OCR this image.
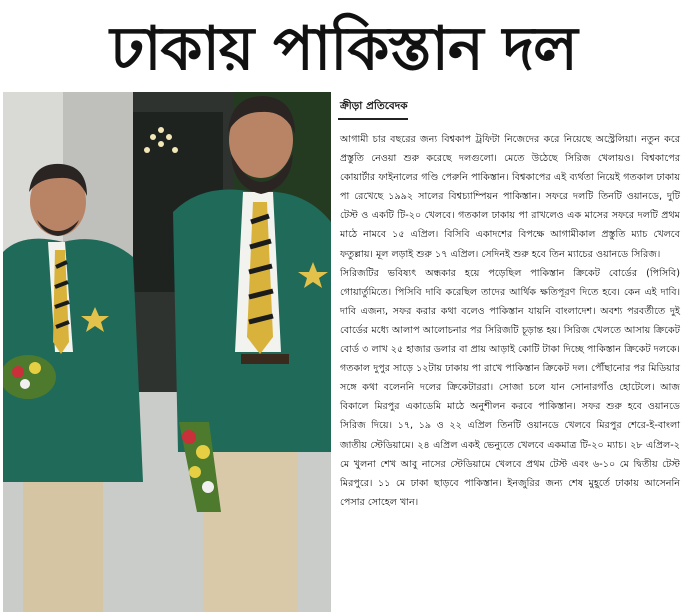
ঢাকায় পাকিস্তান দল
ক্রীড়া প্রতিবেদক

আগামী চার বছরের জন্য বিশ্বকাপ ট্রফিটা নিজেদের করে নিয়েছে অস্ট্রেলিয়া। নতুন করে প্রস্তুতি নেওয়া শুরু করেছে দলগুলো। মেতে উঠেছে সিরিজ খেলায়ও। বিশ্বকাপের কোয়ার্টার ফাইনালের গণ্ডি পেরুনি পাকিস্তান। বিশ্বকাপের এই ব্যর্থতা নিয়েই গতকাল ঢাকায় পা রেখেছে ১৯৯২ সালের বিশ্বচ্যাম্পিয়ন পাকিস্তান। সফরে দলটি তিনটি ওয়ানডে, দুটি টেস্ট ও একটি টি-২০ খেলবে। গতকাল ঢাকায় পা রাখলেও এক মাসের সফরে দলটি প্রথম মাঠে নামবে ১৫ এপ্রিল। বিসিবি একাদশের বিপক্ষে আগামীকাল প্রস্তুতি ম্যাচ খেলবে ফতুল্লায়। মূল লড়াই শুরু ১৭ এপ্রিল। সেদিনই শুরু হবে তিন ম্যাচের ওয়ানডে সিরিজ।

সিরিজটির ভবিষ্যৎ অন্ধকার হয়ে পড়েছিল পাকিস্তান ক্রিকেট বোর্ডের (পিসিবি) গোয়ার্তুমিতে। পিসিবি দাবি করেছিল তাদের আর্থিক ক্ষতিপূরণ দিতে হবে। কেন এই দাবি। দাবি এজন্য, সফর করার কথা বলেও পাকিস্তান যায়নি বাংলাদেশ। অবশ্য পরবর্তীতে দুই বোর্ডের মধ্যে আলাপ আলোচনার পর সিরিজটি চূড়ান্ত হয়। সিরিজ খেলতে আসায় ক্রিকেট বোর্ড ৩ লাখ ২৫ হাজার ডলার বা প্রায় আড়াই কোটি টাকা দিচ্ছে পাকিস্তান ক্রিকেট দলকে। গতকাল দুপুর সাড়ে ১২টায় ঢাকায় পা রাখে পাকিস্তান ক্রিকেট দল। পৌঁছানোর পর মিডিয়ার সঙ্গে কথা বলেননি দলের ক্রিকেটাররা। সোজা চলে যান সোনারগাঁও হোটেলে। আজ বিকালে মিরপুর একাডেমি মাঠে অনুশীলন করবে পাকিস্তান। সফর শুরু হবে ওয়ানডে সিরিজ দিয়ে। ১৭, ১৯ ও ২২ এপ্রিল তিনটি ওয়ানডে খেলবে মিরপুর শেরে-ই-বাংলা জাতীয় স্টেডিয়ামে। ২৪ এপ্রিল একই ভেন্যুতে খেলবে একমাত্র টি-২০ ম্যাচ। ২৮ এপ্রিল-২ মে খুলনা শেখ আবু নাসের স্টেডিয়ামে খেলবে প্রথম টেস্ট এবং ৬-১০ মে দ্বিতীয় টেস্ট মিরপুরে। ১১ মে ঢাকা ছাড়বে পাকিস্তান। ইনজুরির জন্য শেষ মুহূর্তে ঢাকায় আসেননি পেসার সোহেল খান।
